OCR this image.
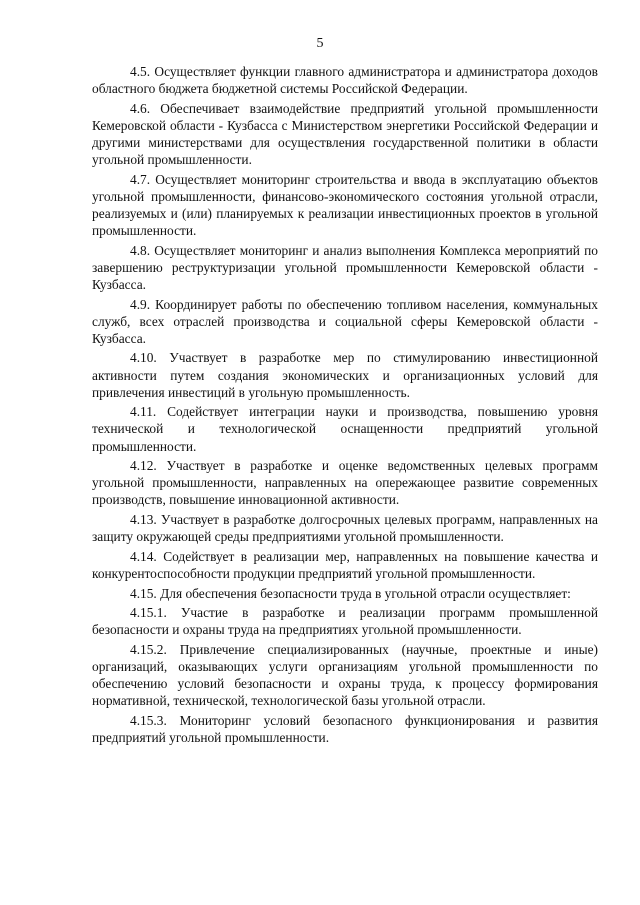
5

4.5. Осуществляет функции главного администратора и администратора доходов областного бюджета бюджетной системы Российской Федерации.

4.6. Обеспечивает взаимодействие предприятий угольной промышленности Кемеровской области - Кузбасса с Министерством энергетики Российской Федерации и другими министерствами для осуществления государственной политики в области угольной промышленности.

4.7. Осуществляет мониторинг строительства и ввода в эксплуатацию объектов угольной промышленности, финансово-экономического состояния угольной отрасли, реализуемых и (или) планируемых к реализации инвестиционных проектов в угольной промышленности.

4.8. Осуществляет мониторинг и анализ выполнения Комплекса мероприятий по завершению реструктуризации угольной промышленности Кемеровской области - Кузбасса.

4.9. Координирует работы по обеспечению топливом населения, коммунальных служб, всех отраслей производства и социальной сферы Кемеровской области - Кузбасса.

4.10. Участвует в разработке мер по стимулированию инвестиционной активности путем создания экономических и организационных условий для привлечения инвестиций в угольную промышленность.

4.11. Содействует интеграции науки и производства, повышению уровня технической и технологической оснащенности предприятий угольной промышленности.

4.12. Участвует в разработке и оценке ведомственных целевых программ угольной промышленности, направленных на опережающее развитие современных производств, повышение инновационной активности.

4.13. Участвует в разработке долгосрочных целевых программ, направленных на защиту окружающей среды предприятиями угольной промышленности.

4.14. Содействует в реализации мер, направленных на повышение качества и конкурентоспособности продукции предприятий угольной промышленности.

4.15. Для обеспечения безопасности труда в угольной отрасли осуществляет:

4.15.1. Участие в разработке и реализации программ промышленной безопасности и охраны труда на предприятиях угольной промышленности.

4.15.2. Привлечение специализированных (научные, проектные и иные) организаций, оказывающих услуги организациям угольной промышленности по обеспечению условий безопасности и охраны труда, к процессу формирования нормативной, технической, технологической базы угольной отрасли.

4.15.3. Мониторинг условий безопасного функционирования и развития предприятий угольной промышленности.
